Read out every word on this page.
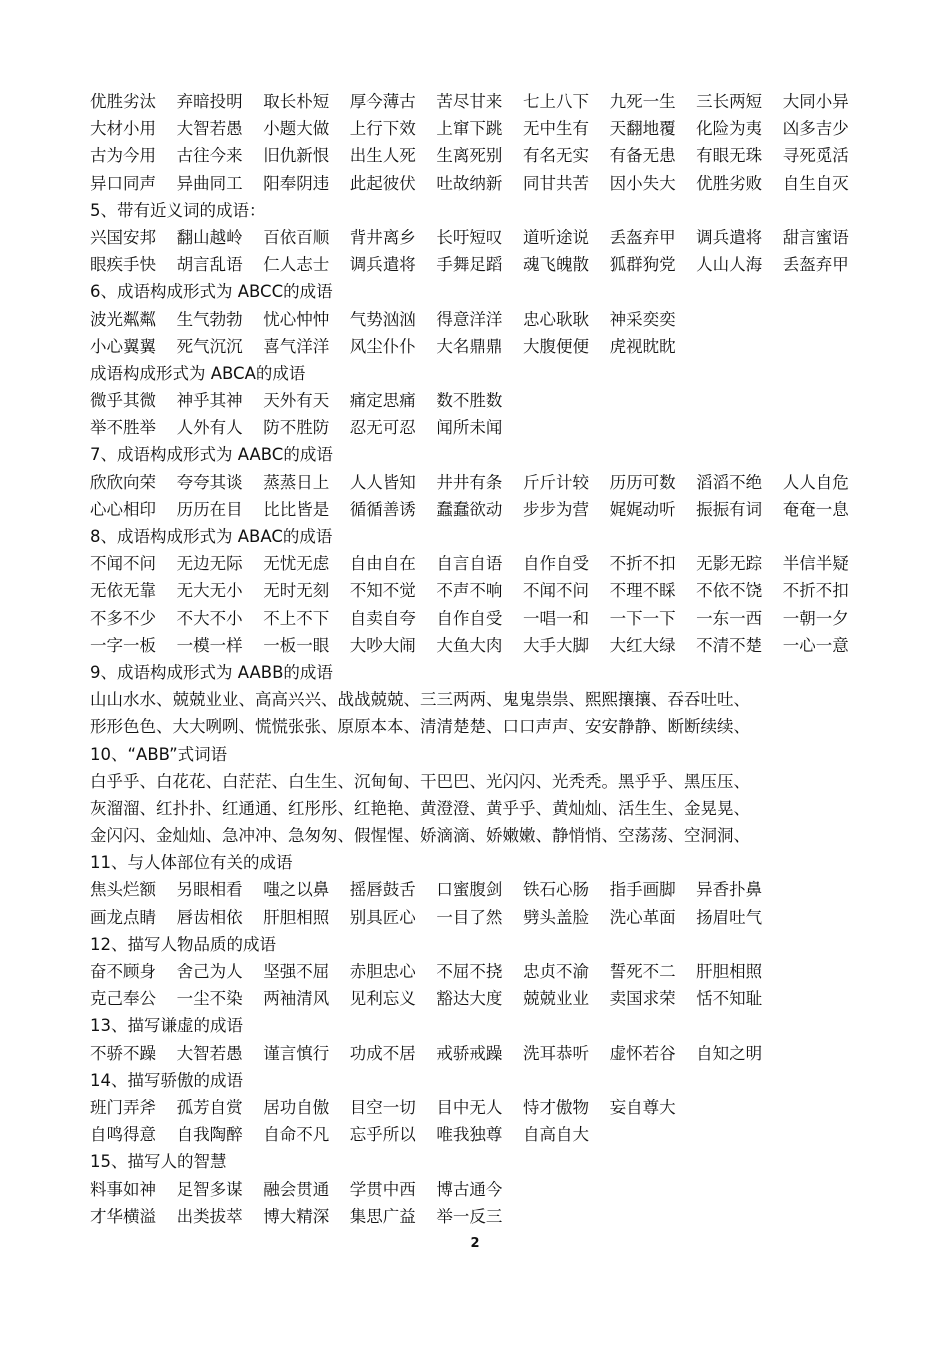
优胜劣汰	弃暗投明	取长朴短	厚今薄古	苦尽甘来	七上八下	九死一生	三长两短	大同小异
大材小用	大智若愚	小题大做	上行下效	上窜下跳	无中生有	天翻地覆	化险为夷	凶多吉少
古为今用	古往今来	旧仇新恨	出生人死	生离死别	有名无实	有备无患	有眼无珠	寻死觅活
异口同声	异曲同工	阳奉阴违	此起彼伏	吐故纳新	同甘共苦	因小失大	优胜劣败	自生自灭
5、带有近义词的成语：
兴国安邦	翻山越岭	百依百顺	背井离乡	长吁短叹	道听途说	丢盔弃甲	调兵遣将	甜言蜜语
眼疾手快	胡言乱语	仁人志士	调兵遣将	手舞足蹈	魂飞魄散	狐群狗党	人山人海	丢盔弃甲
6、成语构成形式为 ABCC的成语
波光粼粼	生气勃勃	忧心忡忡	气势汹汹	得意洋洋	忠心耿耿	神采奕奕
小心翼翼	死气沉沉	喜气洋洋	风尘仆仆	大名鼎鼎	大腹便便	虎视眈眈
成语构成形式为 ABCA的成语
微乎其微	神乎其神	天外有天	痛定思痛	数不胜数
举不胜举	人外有人	防不胜防	忍无可忍	闻所未闻
7、成语构成形式为 AABC的成语
欣欣向荣	夸夸其谈	蒸蒸日上	人人皆知	井井有条	斤斤计较	历历可数	滔滔不绝	人人自危
心心相印	历历在目	比比皆是	循循善诱	蠢蠢欲动	步步为营	娓娓动听	振振有词	奄奄一息
8、成语构成形式为 ABAC的成语
不闻不问	无边无际	无忧无虑	自由自在	自言自语	自作自受	不折不扣	无影无踪	半信半疑
无依无靠	无大无小	无时无刻	不知不觉	不声不响	不闻不问	不理不睬	不依不饶	不折不扣
不多不少	不大不小	不上不下	自卖自夸	自作自受	一唱一和	一下一下	一东一西	一朝一夕
一字一板	一模一样	一板一眼	大吵大闹	大鱼大肉	大手大脚	大红大绿	不清不楚	一心一意
9、成语构成形式为 AABB的成语
山山水水、兢兢业业、高高兴兴、战战兢兢、三三两两、鬼鬼祟祟、熙熙攘攘、吞吞吐吐、
形形色色、大大咧咧、慌慌张张、原原本本、清清楚楚、口口声声、安安静静、断断续续、
10、“ABB”式词语
白乎乎、白花花、白茫茫、白生生、沉甸甸、干巴巴、光闪闪、光秃秃。黑乎乎、黑压压、
灰溜溜、红扑扑、红通通、红彤彤、红艳艳、黄澄澄、黄乎乎、黄灿灿、活生生、金晃晃、
金闪闪、金灿灿、急冲冲、急匆匆、假惺惺、娇滴滴、娇嫩嫩、静悄悄、空荡荡、空洞洞、
11、与人体部位有关的成语
焦头烂额	另眼相看	嗤之以鼻	摇唇鼓舌	口蜜腹剑	铁石心肠	指手画脚	异香扑鼻
画龙点睛	唇齿相依	肝胆相照	别具匠心	一目了然	劈头盖脸	洗心革面	扬眉吐气
12、描写人物品质的成语
奋不顾身	舍己为人	坚强不屈	赤胆忠心	不屈不挠	忠贞不渝	誓死不二	肝胆相照
克己奉公	一尘不染	两袖清风	见利忘义	豁达大度	兢兢业业	卖国求荣	恬不知耻
13、描写谦虚的成语
不骄不躁	大智若愚	谨言慎行	功成不居	戒骄戒躁	洗耳恭听	虚怀若谷	自知之明
14、描写骄傲的成语
班门弄斧	孤芳自赏	居功自傲	目空一切	目中无人	恃才傲物	妄自尊大
自鸣得意	自我陶醉	自命不凡	忘乎所以	唯我独尊	自高自大
15、描写人的智慧
料事如神	足智多谋	融会贯通	学贯中西	博古通今
才华横溢	出类拔萃	博大精深	集思广益	举一反三
2
